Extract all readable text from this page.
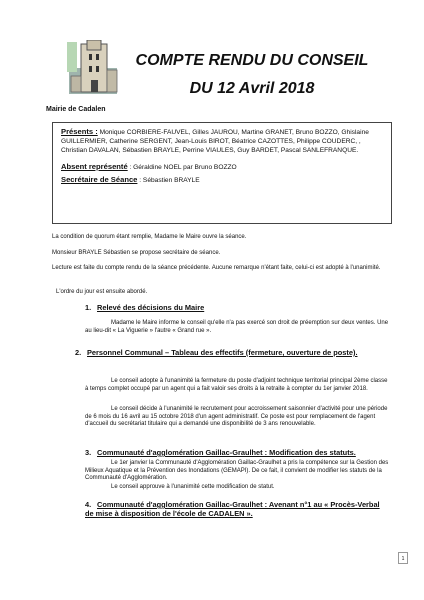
COMPTE RENDU DU CONSEIL
DU 12 Avril 2018
Mairie de Cadalen
Présents : Monique CORBIERE-FAUVEL, Gilles JAUROU, Martine GRANET, Bruno BOZZO, Ghislaine GUILLERMIER, Catherine SERGENT, Jean-Louis BIROT, Béatrice CAZOTTES, Philippe COUDERC, , Christian DAVALAN, Sébastien BRAYLE, Perrine VIAULES, Guy BARDET, Pascal SANLEFRANQUE.
Absent représenté : Géraldine NOEL par Bruno BOZZO
Secrétaire de Séance : Sébastien BRAYLE
La condition de quorum étant remplie, Madame le Maire ouvre la séance.
Monsieur BRAYLE Sébastien se propose secrétaire de séance.
Lecture est faite du compte rendu de la séance précédente. Aucune remarque n'étant faite, celui-ci est adopté à l'unanimité.
L'ordre du jour est ensuite abordé.
1. Relevé des décisions du Maire
Madame le Maire informe le conseil qu'elle n'a pas exercé son droit de préemption sur deux ventes. Une au lieu-dit « La Viguerie » l'autre « Grand rue ».
2. Personnel Communal – Tableau des effectifs (fermeture, ouverture de poste).
Le conseil adopte à l'unanimité la fermeture du poste d'adjoint technique territorial principal 2ème classe à temps complet occupé par un agent qui a fait valoir ses droits à la retraite à compter du 1er janvier 2018.
Le conseil décide à l'unanimité le recrutement pour accroissement saisonnier d'activité pour une période de 6 mois du 16 avril au 15 octobre 2018 d'un agent administratif. Ce poste est pour remplacement de l'agent d'accueil du secrétariat titulaire qui a demandé une disponibilité de 3 ans renouvelable.
3. Communauté d'agglomération Gaillac-Graulhet : Modification des statuts.
Le 1er janvier la Communauté d'Agglomération Gaillac-Graulhet a pris la compétence sur la Gestion des Milieux Aquatique et la Prévention des Inondations (GEMAPI). De ce fait, il convient de modifier les statuts de la Communauté d'Agglomération.
Le conseil approuve à l'unanimité cette modification de statut.
4. Communauté d'agglomération Gaillac-Graulhet : Avenant n°1 au « Procès-Verbal de mise à disposition de l'école de CADALEN ».
1
